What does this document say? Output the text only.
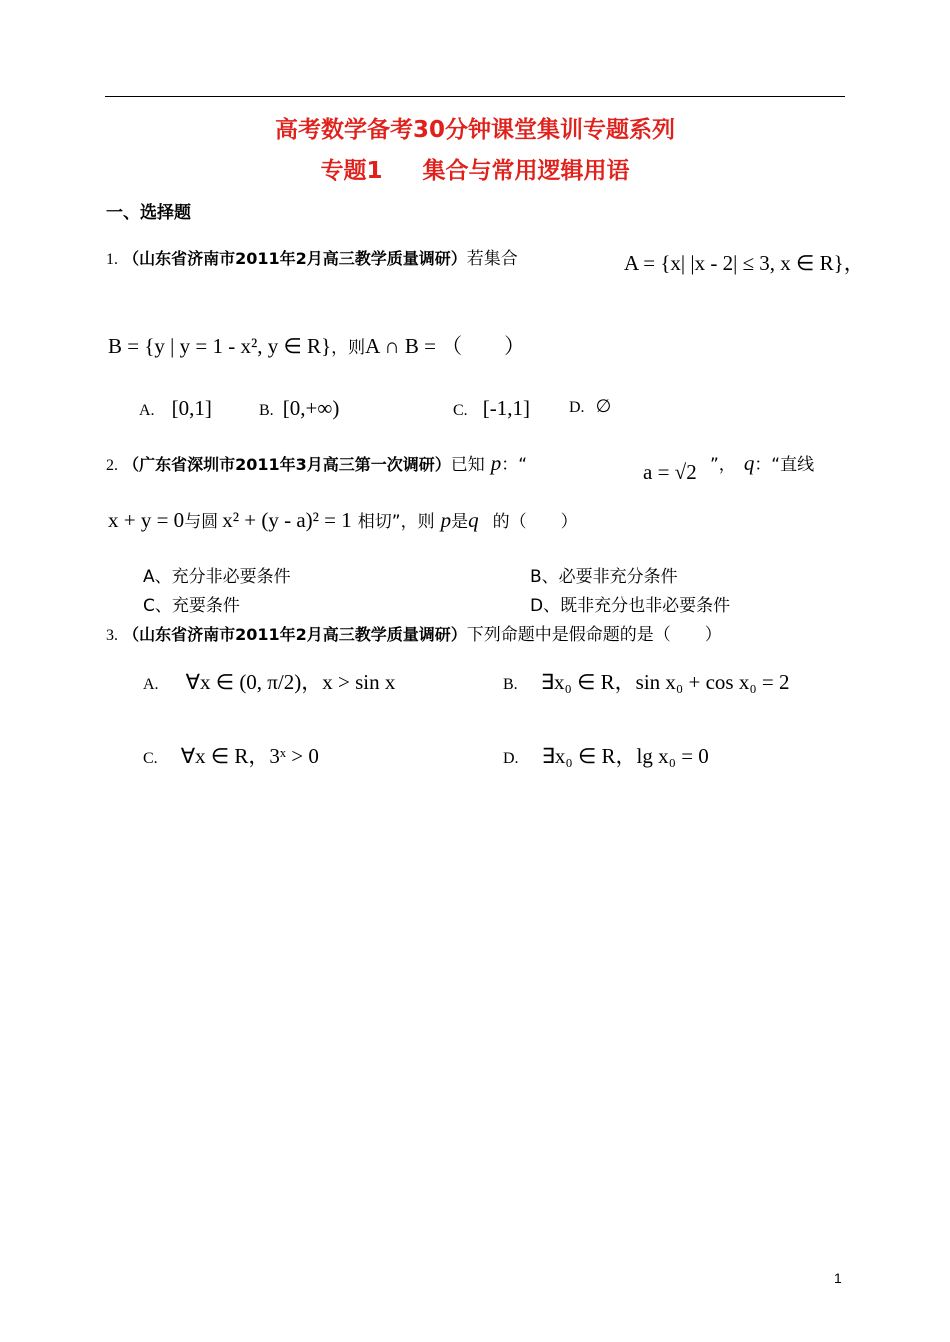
高考数学备考30分钟课堂集训专题系列
专题1 集合与常用逻辑用语
一、选择题
1. （山东省济南市2011年2月高三教学质量调研）若集合	A = {x| |x - 2| ≤ 3, x ∈ R}，
B = {y | y = 1 - x², y ∈ R}，则A ∩ B = （　　）
A. [0,1]	B. [0,+∞)	C. [-1,1] D. ∅
2. （广东省深圳市2011年3月高三第一次调研）已知 p：“	a = √2 ”， q：“直线
x + y = 0与圆 x² + (y - a)² = 1 相切”，则 p是q 的（　　）
A、充分非必要条件	B、必要非充分条件
C、充要条件	D、既非充分也非必要条件
3. （山东省济南市2011年2月高三教学质量调研）下列命题中是假命题的是（　　）
A. ∀x ∈ (0, π/2)，x > sin x	B. ∃x₀ ∈ R，sin x₀ + cos x₀ = 2
C. ∀x ∈ R，3ˣ > 0	D. ∃x₀ ∈ R，lg x₀ = 0
1
